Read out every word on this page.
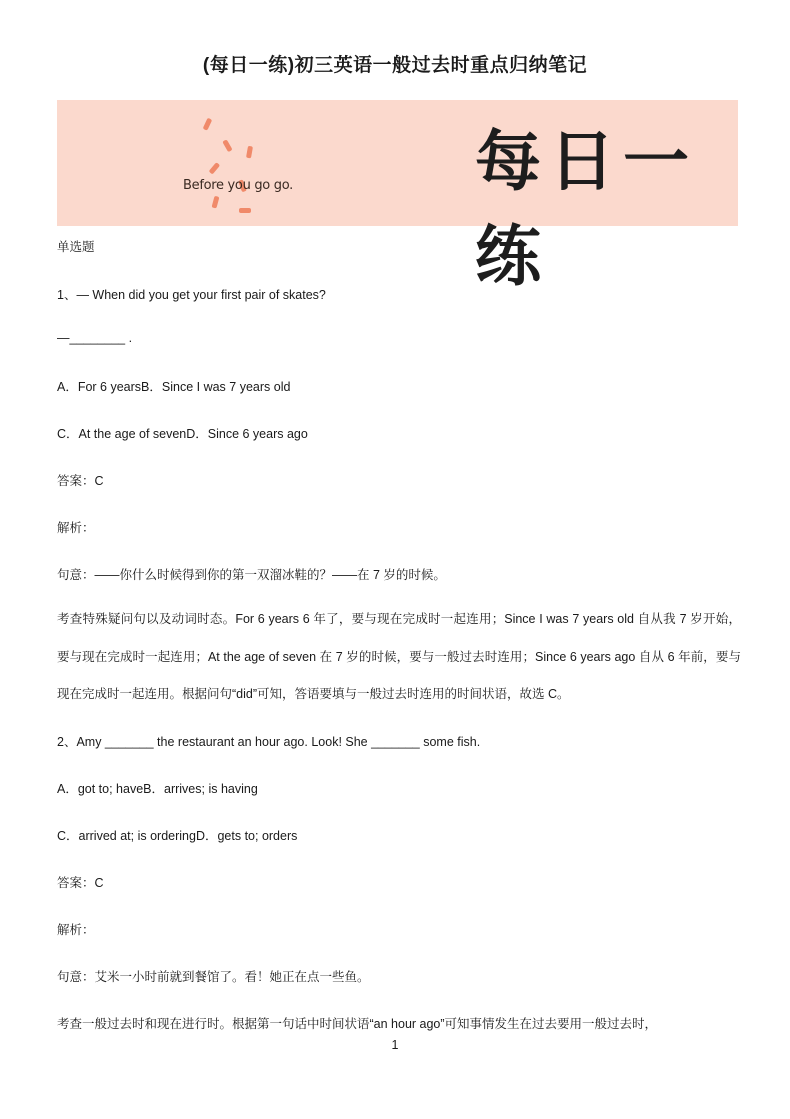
(每日一练)初三英语一般过去时重点归纳笔记
Before you go go.	每日一练
单选题
1、— When did you get your first pair of skates?
—________ .
A．For 6 yearsB．Since I was 7 years old
C．At the age of sevenD．Since 6 years ago
答案：C
解析：
句意：——你什么时候得到你的第一双溜冰鞋的？——在 7 岁的时候。
考查特殊疑问句以及动词时态。For 6 years 6 年了，要与现在完成时一起连用；Since I was 7 years old 自从我 7 岁开始，要与现在完成时一起连用；At the age of seven 在 7 岁的时候，要与一般过去时连用；Since 6 years ago 自从 6 年前，要与现在完成时一起连用。根据问句“did”可知，答语要填与一般过去时连用的时间状语，故选 C。
2、Amy _______ the restaurant an hour ago. Look! She _______ some fish.
A．got to; haveB．arrives; is having
C．arrived at; is orderingD．gets to; orders
答案：C
解析：
句意：艾米一小时前就到餐馆了。看！她正在点一些鱼。
考查一般过去时和现在进行时。根据第一句话中时间状语“an hour ago”可知事情发生在过去要用一般过去时，
1
